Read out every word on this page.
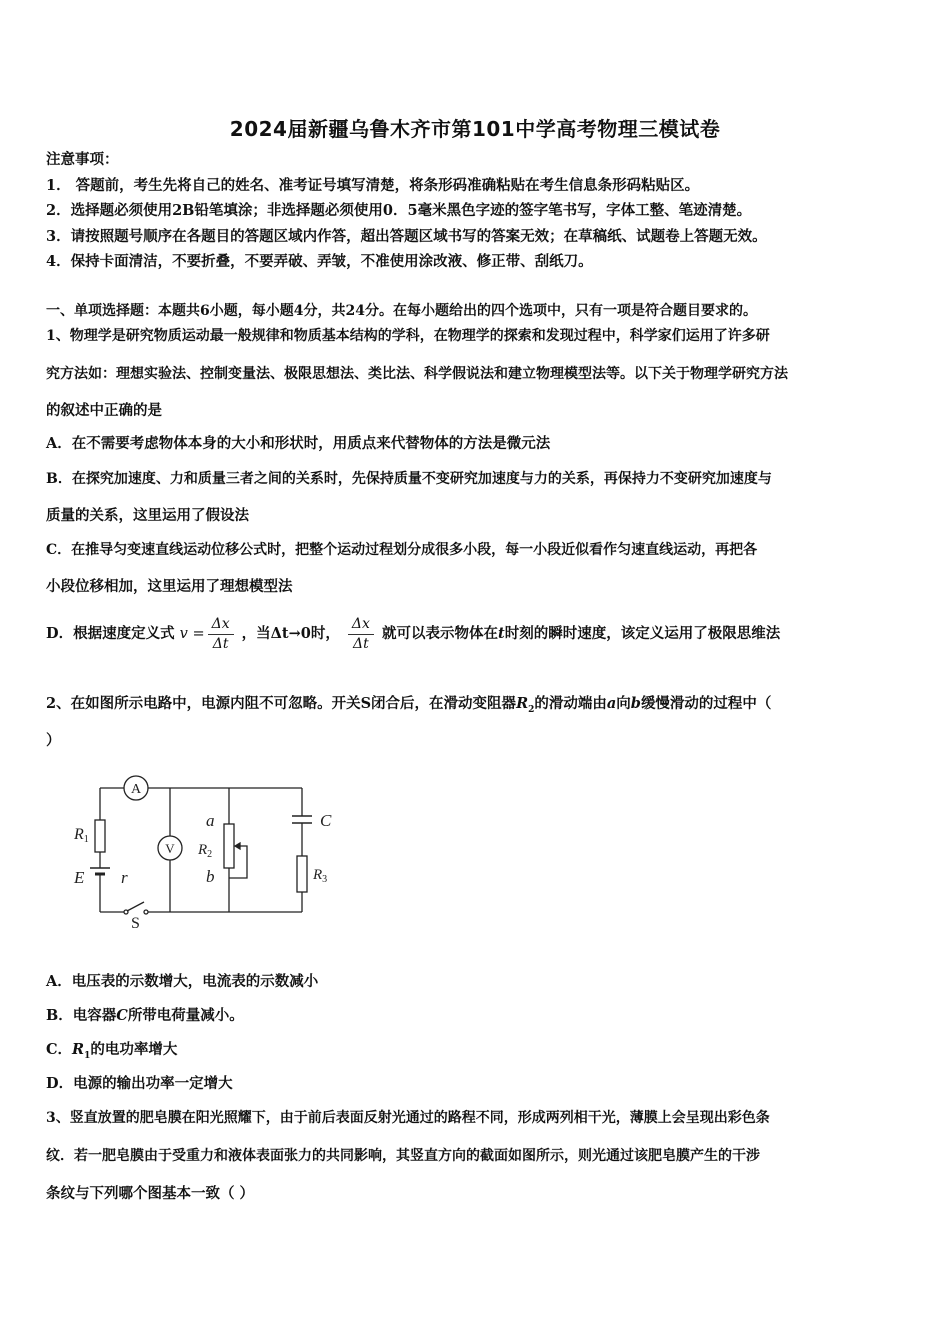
2024届新疆乌鲁木齐市第101中学高考物理三模试卷
注意事项：
1． 答题前，考生先将自己的姓名、准考证号填写清楚，将条形码准确粘贴在考生信息条形码粘贴区。
2．选择题必须使用2B铅笔填涂；非选择题必须使用0．5毫米黑色字迹的签字笔书写，字体工整、笔迹清楚。
3．请按照题号顺序在各题目的答题区域内作答，超出答题区域书写的答案无效；在草稿纸、试题卷上答题无效。
4．保持卡面清洁，不要折叠，不要弄破、弄皱，不准使用涂改液、修正带、刮纸刀。
一、单项选择题：本题共6小题，每小题4分，共24分。在每小题给出的四个选项中，只有一项是符合题目要求的。
1、物理学是研究物质运动最一般规律和物质基本结构的学科，在物理学的探索和发现过程中，科学家们运用了许多研
究方法如：理想实验法、控制变量法、极限思想法、类比法、科学假说法和建立物理模型法等。以下关于物理学研究方法
的叙述中正确的是
A．在不需要考虑物体本身的大小和形状时，用质点来代替物体的方法是微元法
B．在探究加速度、力和质量三者之间的关系时，先保持质量不变研究加速度与力的关系，再保持力不变研究加速度与
质量的关系，这里运用了假设法
C．在推导匀变速直线运动位移公式时，把整个运动过程划分成很多小段，每一小段近似看作匀速直线运动，再把各
小段位移相加，这里运用了理想模型法
D．根据速度定义式 $v = \frac{\Delta x}{\Delta t}$ ，当Δt→0时， $\frac{\Delta x}{\Delta t}$ 就可以表示物体在t时刻的瞬时速度，该定义运用了极限思维法
2、在如图所示电路中，电源内阻不可忽略。开关S闭合后，在滑动变阻器$R_2$的滑动端由a向b缓慢滑动的过程中（
）
A
V
R1
E r
S
a
$R_2$
b
C
$R_3$
A．电压表的示数增大，电流表的示数减小
B．电容器C所带电荷量减小。
C．$R_1$的电功率增大
D．电源的输出功率一定增大
3、竖直放置的肥皂膜在阳光照耀下，由于前后表面反射光通过的路程不同，形成两列相干光，薄膜上会呈现出彩色条
纹．若一肥皂膜由于受重力和液体表面张力的共同影响，其竖直方向的截面如图所示，则光通过该肥皂膜产生的干涉
条纹与下列哪个图基本一致（ ）
